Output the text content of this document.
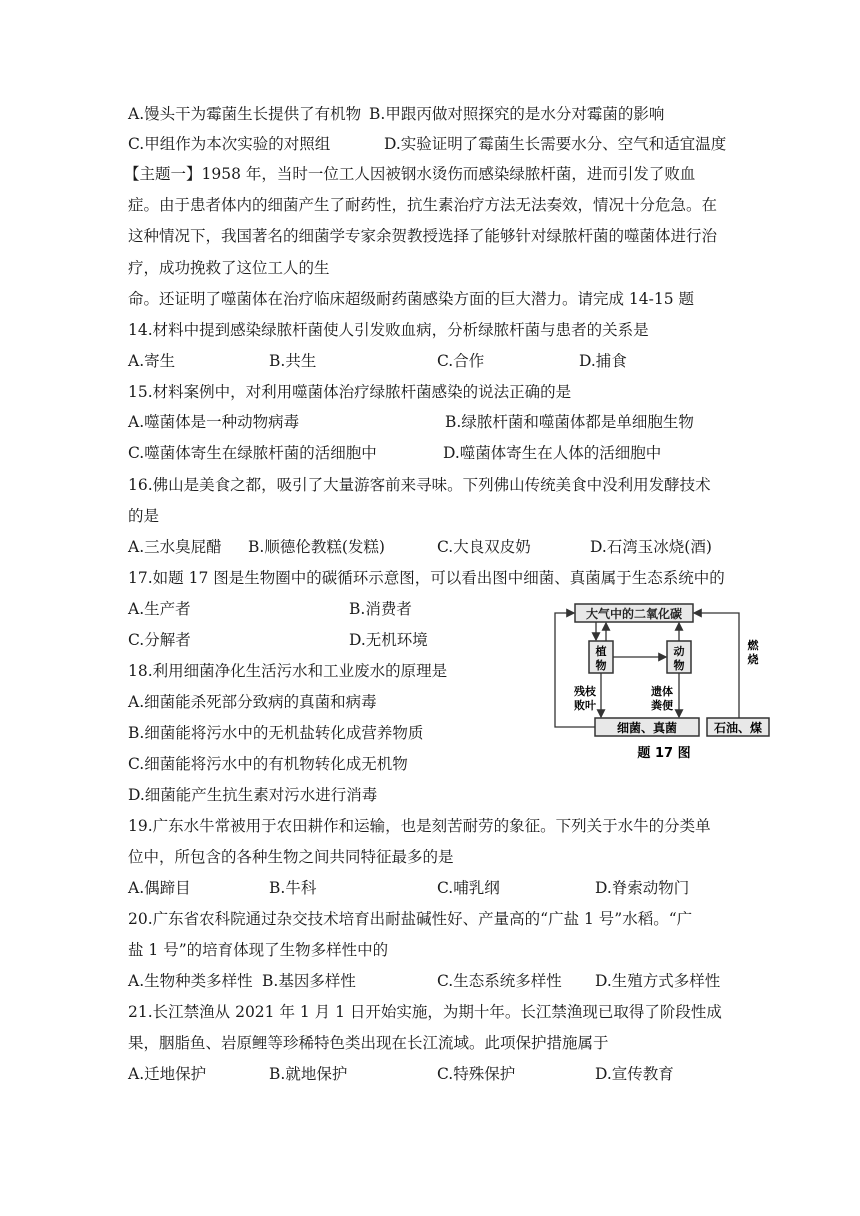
A.馒头干为霉菌生长提供了有机物 B.甲跟丙做对照探究的是水分对霉菌的影响
C.甲组作为本次实验的对照组	D.实验证明了霉菌生长需要水分、空气和适宜温度
【主题一】1958 年，当时一位工人因被钢水烫伤而感染绿脓杆菌，进而引发了败血
症。由于患者体内的细菌产生了耐药性，抗生素治疗方法无法奏效，情况十分危急。在
这种情况下，我国著名的细菌学专家余贺教授选择了能够针对绿脓杆菌的噬菌体进行治
疗，成功挽救了这位工人的生
命。还证明了噬菌体在治疗临床超级耐药菌感染方面的巨大潜力。请完成 14-15 题
14.材料中提到感染绿脓杆菌使人引发败血病，分析绿脓杆菌与患者的关系是
A.寄生	B.共生	C.合作	D.捕食
15.材料案例中，对利用噬菌体治疗绿脓杆菌感染的说法正确的是
A.噬菌体是一种动物病毒	B.绿脓杆菌和噬菌体都是单细胞生物
C.噬菌体寄生在绿脓杆菌的活细胞中	D.噬菌体寄生在人体的活细胞中
16.佛山是美食之都，吸引了大量游客前来寻味。下列佛山传统美食中没利用发酵技术
的是
A.三水臭屁醋 B.顺德伦教糕(发糕)	C.大良双皮奶	D.石湾玉冰烧(酒)
17.如题 17 图是生物圈中的碳循环示意图，可以看出图中细菌、真菌属于生态系统中的
A.生产者	B.消费者
C.分解者	D.无机环境
大气中的二氧化碳
植
物
动
物
细菌、真菌	石油、煤
燃
烧
残枝
败叶
遗体
粪便
题 17 图
18.利用细菌净化生活污水和工业废水的原理是
A.细菌能杀死部分致病的真菌和病毒
B.细菌能将污水中的无机盐转化成营养物质
C.细菌能将污水中的有机物转化成无机物
D.细菌能产生抗生素对污水进行消毒
19.广东水牛常被用于农田耕作和运输，也是刻苦耐劳的象征。下列关于水牛的分类单
位中，所包含的各种生物之间共同特征最多的是
A.偶蹄目	B.牛科	C.哺乳纲	D.脊索动物门
20.广东省农科院通过杂交技术培育出耐盐碱性好、产量高的“广盐 1 号”水稻。“广
盐 1 号”的培育体现了生物多样性中的
A.生物种类多样性 B.基因多样性	C.生态系统多样性 D.生殖方式多样性
21.长江禁渔从 2021 年 1 月 1 日开始实施，为期十年。长江禁渔现已取得了阶段性成
果，胭脂鱼、岩原鲤等珍稀特色类出现在长江流域。此项保护措施属于
A.迁地保护	B.就地保护	C.特殊保护	D.宣传教育
